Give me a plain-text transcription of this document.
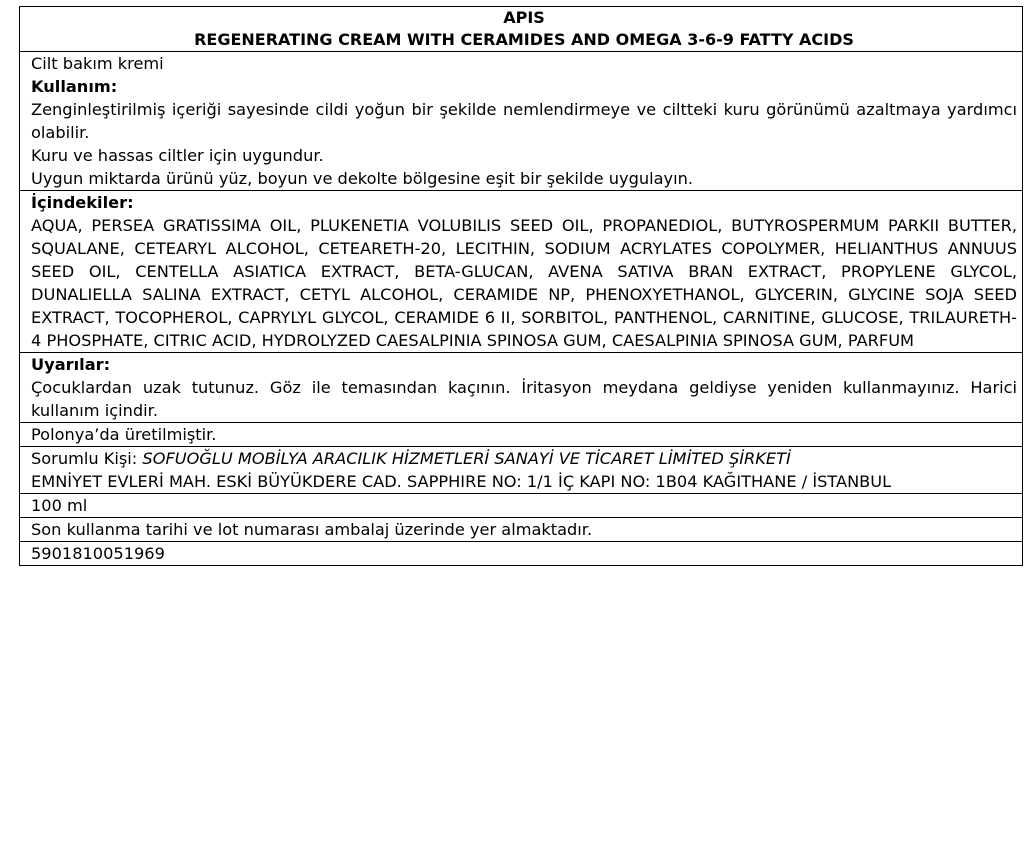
APIS
REGENERATING CREAM WITH CERAMIDES AND OMEGA 3-6-9 FATTY ACIDS

Cilt bakım kremi
Kullanım:
Zenginleştirilmiş içeriği sayesinde cildi yoğun bir şekilde nemlendirmeye ve ciltteki kuru görünümü azaltmaya yardımcı olabilir.
Kuru ve hassas ciltler için uygundur.
Uygun miktarda ürünü yüz, boyun ve dekolte bölgesine eşit bir şekilde uygulayın.

İçindekiler:
AQUA, PERSEA GRATISSIMA OIL, PLUKENETIA VOLUBILIS SEED OIL, PROPANEDIOL, BUTYROSPERMUM PARKII BUTTER, SQUALANE, CETEARYL ALCOHOL, CETEARETH-20, LECITHIN, SODIUM ACRYLATES COPOLYMER, HELIANTHUS ANNUUS SEED OIL, CENTELLA ASIATICA EXTRACT, BETA-GLUCAN, AVENA SATIVA BRAN EXTRACT, PROPYLENE GLYCOL, DUNALIELLA SALINA EXTRACT, CETYL ALCOHOL, CERAMIDE NP, PHENOXYETHANOL, GLYCERIN, GLYCINE SOJA SEED EXTRACT, TOCOPHEROL, CAPRYLYL GLYCOL, CERAMIDE 6 II, SORBITOL, PANTHENOL, CARNITINE, GLUCOSE, TRILAURETH-4 PHOSPHATE, CITRIC ACID, HYDROLYZED CAESALPINIA SPINOSA GUM, CAESALPINIA SPINOSA GUM, PARFUM

Uyarılar:
Çocuklardan uzak tutunuz. Göz ile temasından kaçının. İritasyon meydana geldiyse yeniden kullanmayınız. Harici kullanım içindir.

Polonya’da üretilmiştir.

Sorumlu Kişi: SOFUOĞLU MOBİLYA ARACILIK HİZMETLERİ SANAYİ VE TİCARET LİMİTED ŞİRKETİ
EMNİYET EVLERİ MAH. ESKİ BÜYÜKDERE CAD. SAPPHIRE NO: 1/1 İÇ KAPI NO: 1B04 KAĞITHANE / İSTANBUL

100 ml
Son kullanma tarihi ve lot numarası ambalaj üzerinde yer almaktadır.
5901810051969
